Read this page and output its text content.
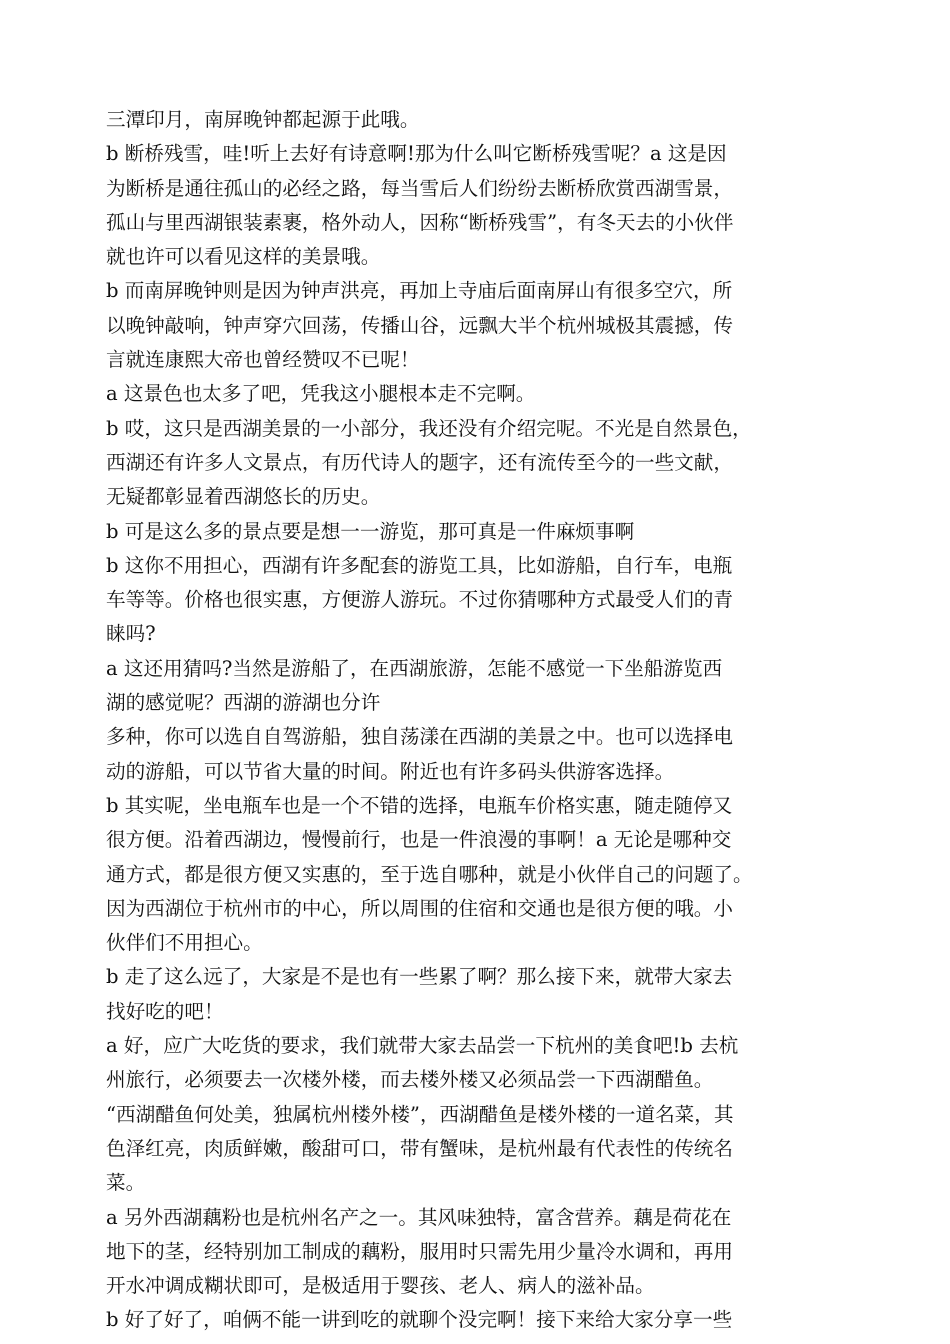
三潭印月，南屏晚钟都起源于此哦。
b 断桥残雪，哇!听上去好有诗意啊!那为什么叫它断桥残雪呢？a 这是因
为断桥是通往孤山的必经之路，每当雪后人们纷纷去断桥欣赏西湖雪景，
孤山与里西湖银装素裹，格外动人，因称“断桥残雪”，有冬天去的小伙伴
就也许可以看见这样的美景哦。
b 而南屏晚钟则是因为钟声洪亮，再加上寺庙后面南屏山有很多空穴，所
以晚钟敲响，钟声穿穴回荡，传播山谷，远飘大半个杭州城极其震撼，传
言就连康熙大帝也曾经赞叹不已呢！
a 这景色也太多了吧，凭我这小腿根本走不完啊。
b 哎，这只是西湖美景的一小部分，我还没有介绍完呢。不光是自然景色，
西湖还有许多人文景点，有历代诗人的题字，还有流传至今的一些文献，
无疑都彰显着西湖悠长的历史。
b 可是这么多的景点要是想一一游览，那可真是一件麻烦事啊
b 这你不用担心，西湖有许多配套的游览工具，比如游船，自行车，电瓶
车等等。价格也很实惠，方便游人游玩。不过你猜哪种方式最受人们的青
睐吗?
a 这还用猜吗?当然是游船了，在西湖旅游，怎能不感觉一下坐船游览西
湖的感觉呢？西湖的游湖也分许
多种，你可以选自自驾游船，独自荡漾在西湖的美景之中。也可以选择电
动的游船，可以节省大量的时间。附近也有许多码头供游客选择。
b 其实呢，坐电瓶车也是一个不错的选择，电瓶车价格实惠，随走随停又
很方便。沿着西湖边，慢慢前行，也是一件浪漫的事啊！a 无论是哪种交
通方式，都是很方便又实惠的，至于选自哪种，就是小伙伴自己的问题了。
因为西湖位于杭州市的中心，所以周围的住宿和交通也是很方便的哦。小
伙伴们不用担心。
b 走了这么远了，大家是不是也有一些累了啊？那么接下来，就带大家去
找好吃的吧！
a 好，应广大吃货的要求，我们就带大家去品尝一下杭州的美食吧!b 去杭
州旅行，必须要去一次楼外楼，而去楼外楼又必须品尝一下西湖醋鱼。
“西湖醋鱼何处美，独属杭州楼外楼”，西湖醋鱼是楼外楼的一道名菜，其
色泽红亮，肉质鲜嫩，酸甜可口，带有蟹味，是杭州最有代表性的传统名
菜。
a 另外西湖藕粉也是杭州名产之一。其风味独特，富含营养。藕是荷花在
地下的茎，经特别加工制成的藕粉，服用时只需先用少量冷水调和，再用
开水冲调成糊状即可，是极适用于婴孩、老人、病人的滋补品。
b 好了好了，咱俩不能一讲到吃的就聊个没完啊！接下来给大家分享一些
